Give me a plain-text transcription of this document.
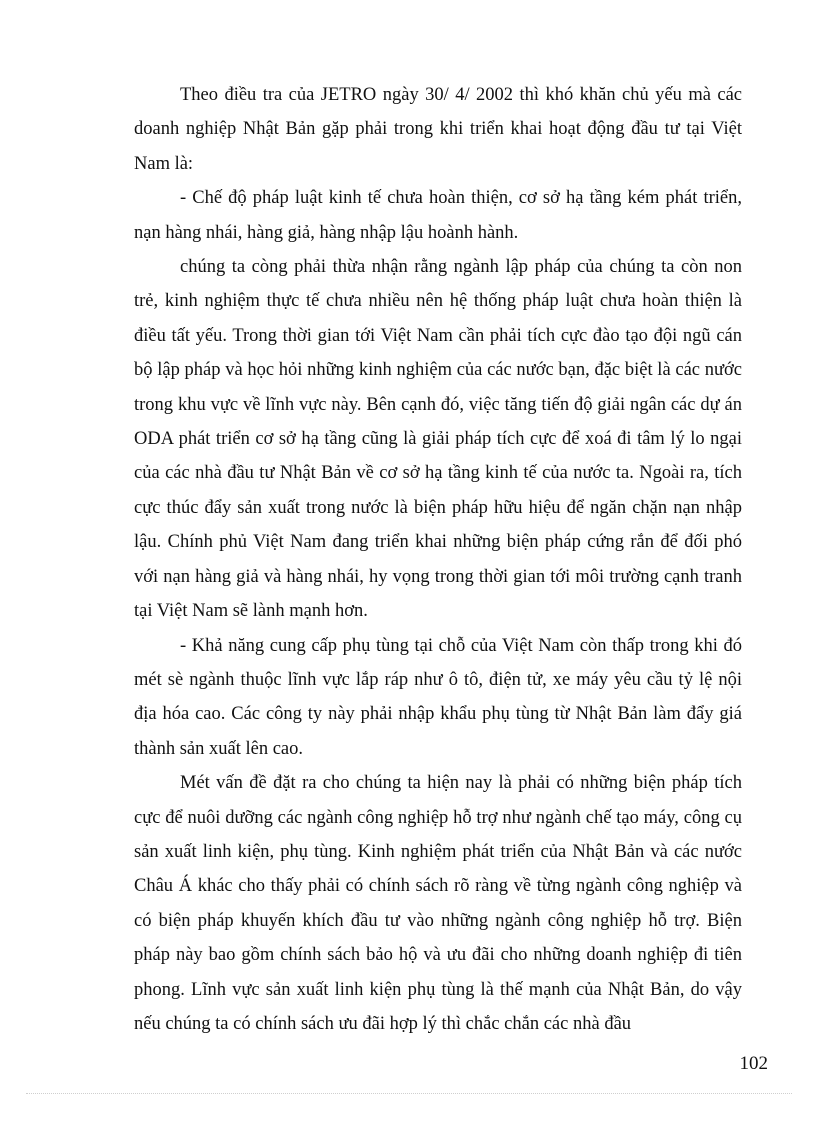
Theo điều tra của JETRO ngày 30/ 4/ 2002 thì khó khăn chủ yếu mà các doanh nghiệp Nhật Bản gặp phải trong khi triển khai hoạt động đầu tư tại Việt Nam là:

- Chế độ pháp luật kinh tế chưa hoàn thiện, cơ sở hạ tầng kém phát triển, nạn hàng nhái, hàng giả, hàng nhập lậu hoành hành.

chúng ta còng phải thừa nhận rằng ngành lập pháp của chúng ta còn non trẻ, kinh nghiệm thực tế chưa nhiều nên hệ thống pháp luật chưa hoàn thiện là điều tất yếu. Trong thời gian tới Việt Nam cần phải tích cực đào tạo đội ngũ cán bộ lập pháp và học hỏi những kinh nghiệm của các nước bạn, đặc biệt là các nước trong khu vực về lĩnh vực này. Bên cạnh đó, việc tăng tiến độ giải ngân các dự án ODA phát triển cơ sở hạ tầng cũng là giải pháp tích cực để xoá đi tâm lý lo ngại của các nhà đầu tư Nhật Bản về cơ sở hạ tầng kinh tế của nước ta. Ngoài ra, tích cực thúc đẩy sản xuất trong nước là biện pháp hữu hiệu để ngăn chặn nạn nhập lậu. Chính phủ Việt Nam đang triển khai những biện pháp cứng rắn để đối phó với nạn hàng giả và hàng nhái, hy vọng trong thời gian tới môi trường cạnh tranh tại Việt Nam sẽ lành mạnh hơn.

- Khả năng cung cấp phụ tùng tại chỗ của Việt Nam còn thấp trong khi đó mét sè ngành thuộc lĩnh vực lắp ráp như ô tô, điện tử, xe máy yêu cầu tỷ lệ nội địa hóa cao. Các công ty này phải nhập khẩu phụ tùng từ Nhật Bản làm đẩy giá thành sản xuất lên cao.

Mét vấn đề đặt ra cho chúng ta hiện nay là phải có những biện pháp tích cực để nuôi dưỡng các ngành công nghiệp hỗ trợ như ngành chế tạo máy, công cụ sản xuất linh kiện, phụ tùng. Kinh nghiệm phát triển của Nhật Bản và các nước Châu Á khác cho thấy phải có chính sách rõ ràng về từng ngành công nghiệp và có biện pháp khuyến khích đầu tư vào những ngành công nghiệp hỗ trợ. Biện pháp này bao gồm chính sách bảo hộ và ưu đãi cho những doanh nghiệp đi tiên phong. Lĩnh vực sản xuất linh kiện phụ tùng là thế mạnh của Nhật Bản, do vậy nếu chúng ta có chính sách ưu đãi hợp lý thì chắc chắn các nhà đầu

102
